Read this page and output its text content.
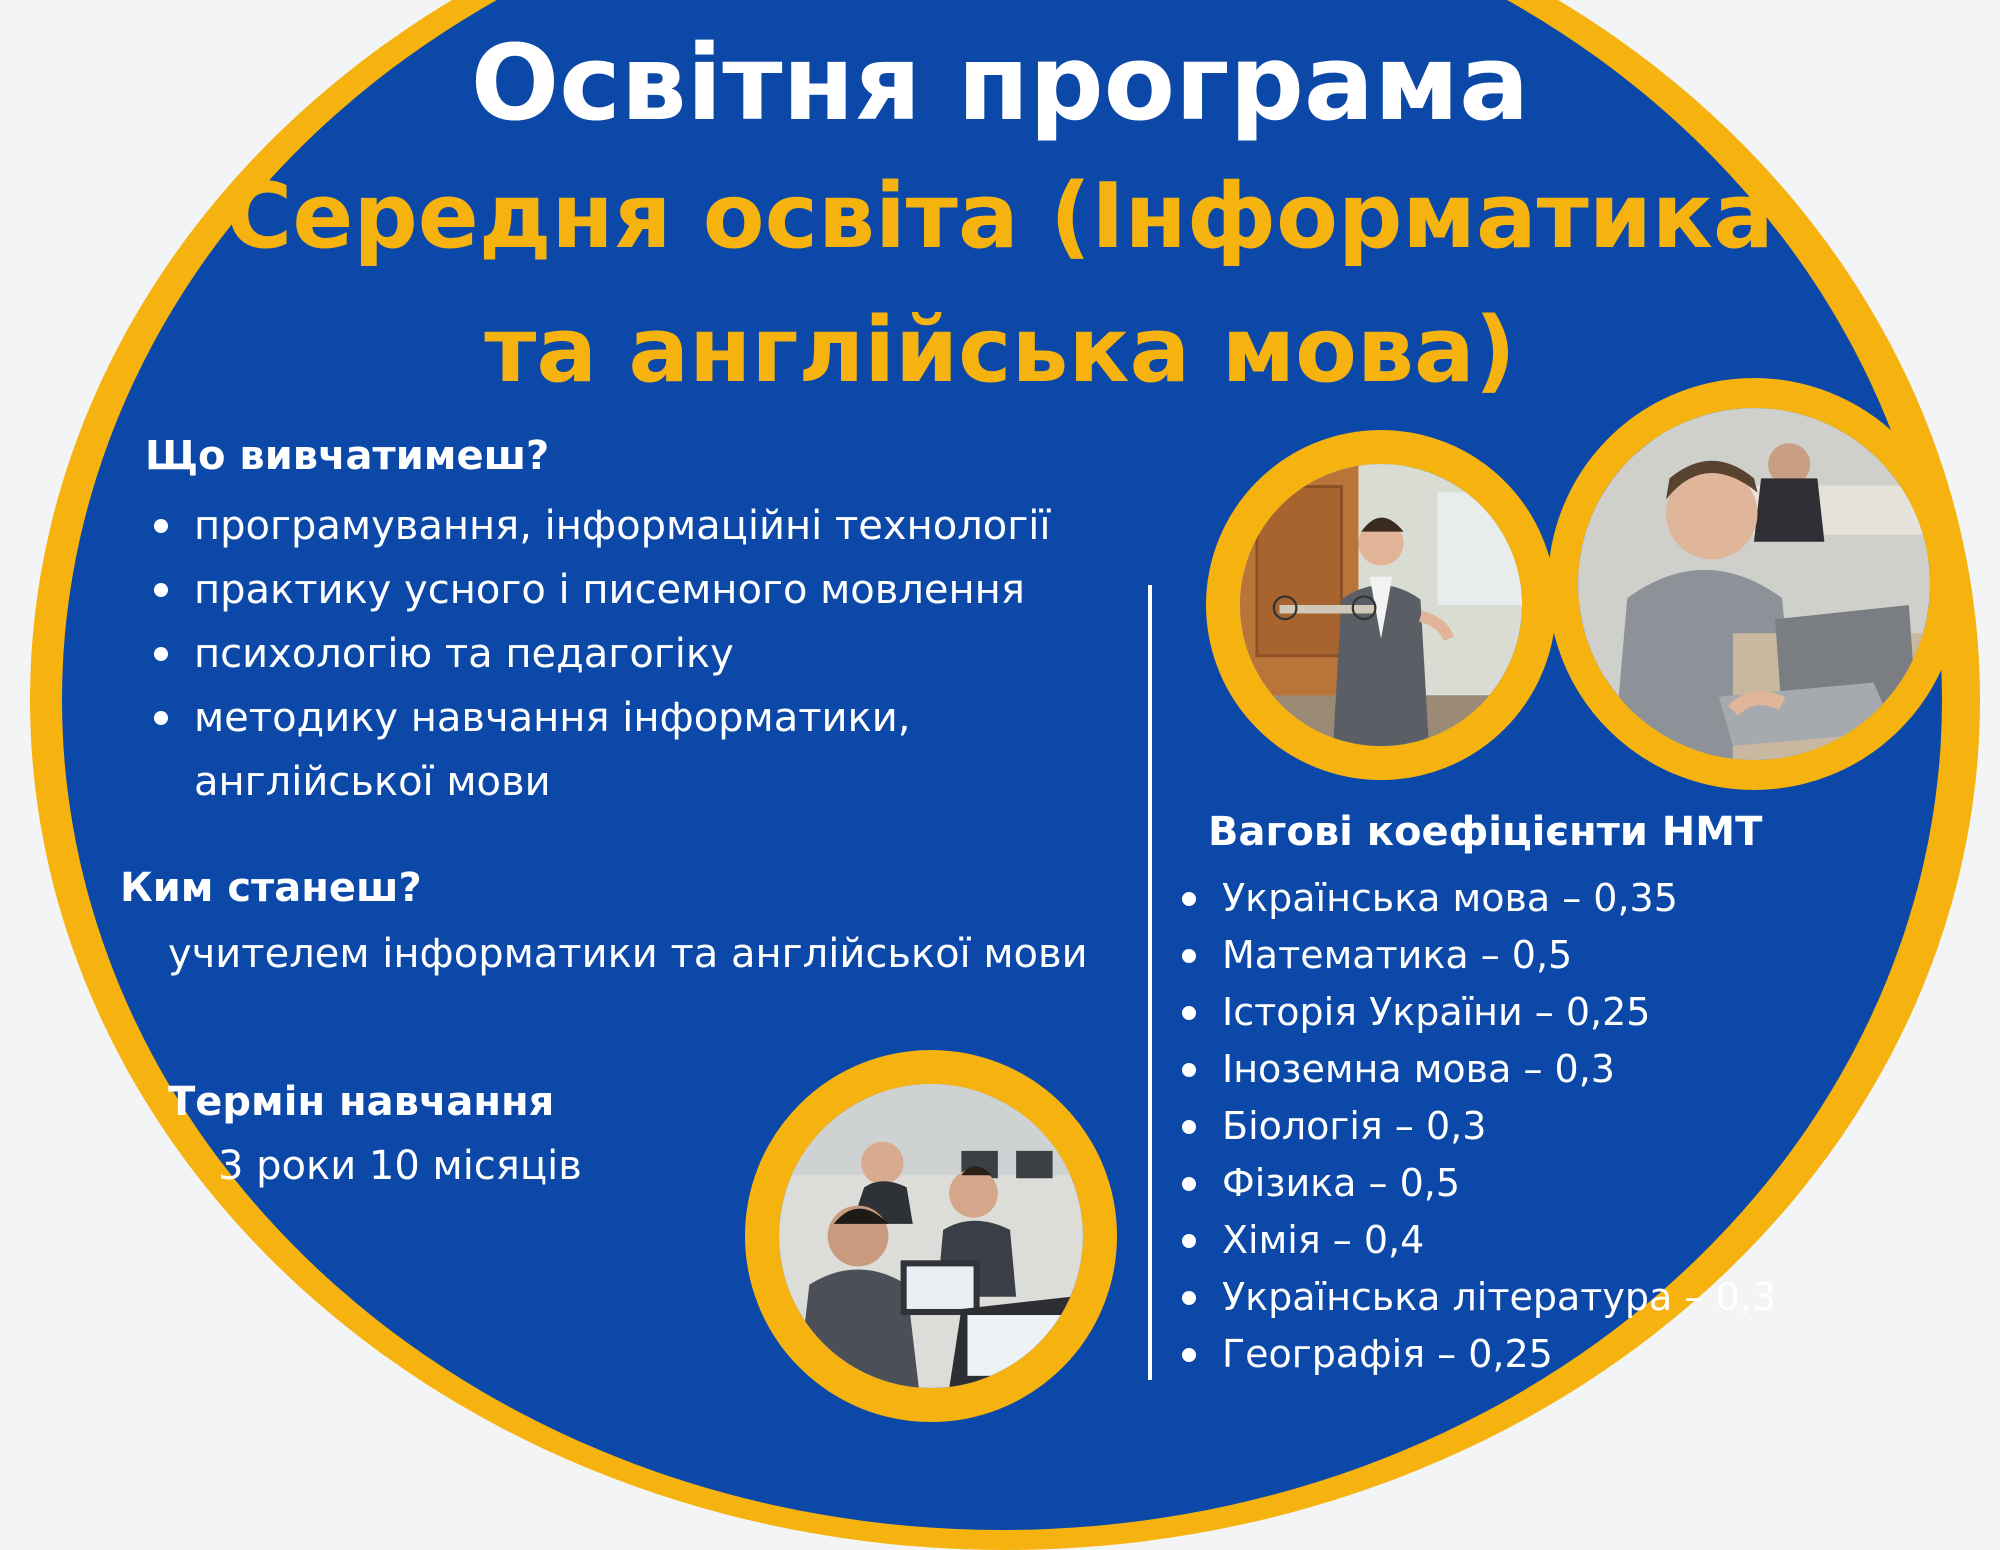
Освітня програма
Середня освіта (Інформатика та англійська мова)
Що вивчатимеш?
програмування, інформаційні технології
практику усного і писемного мовлення
психологію та педагогіку
методику навчання інформатики, англійської мови
Ким станеш?

учителем інформатики та англійської мови

Термін навчання

3 роки 10 місяців

Вагові коефіцієнти НМТ
Українська мова – 0,35
Математика – 0,5
Історія України – 0,25
Іноземна мова – 0,3
Біологія – 0,3
Фізика – 0,5
Хімія – 0,4
Українська література – 0,3
Географія – 0,25
